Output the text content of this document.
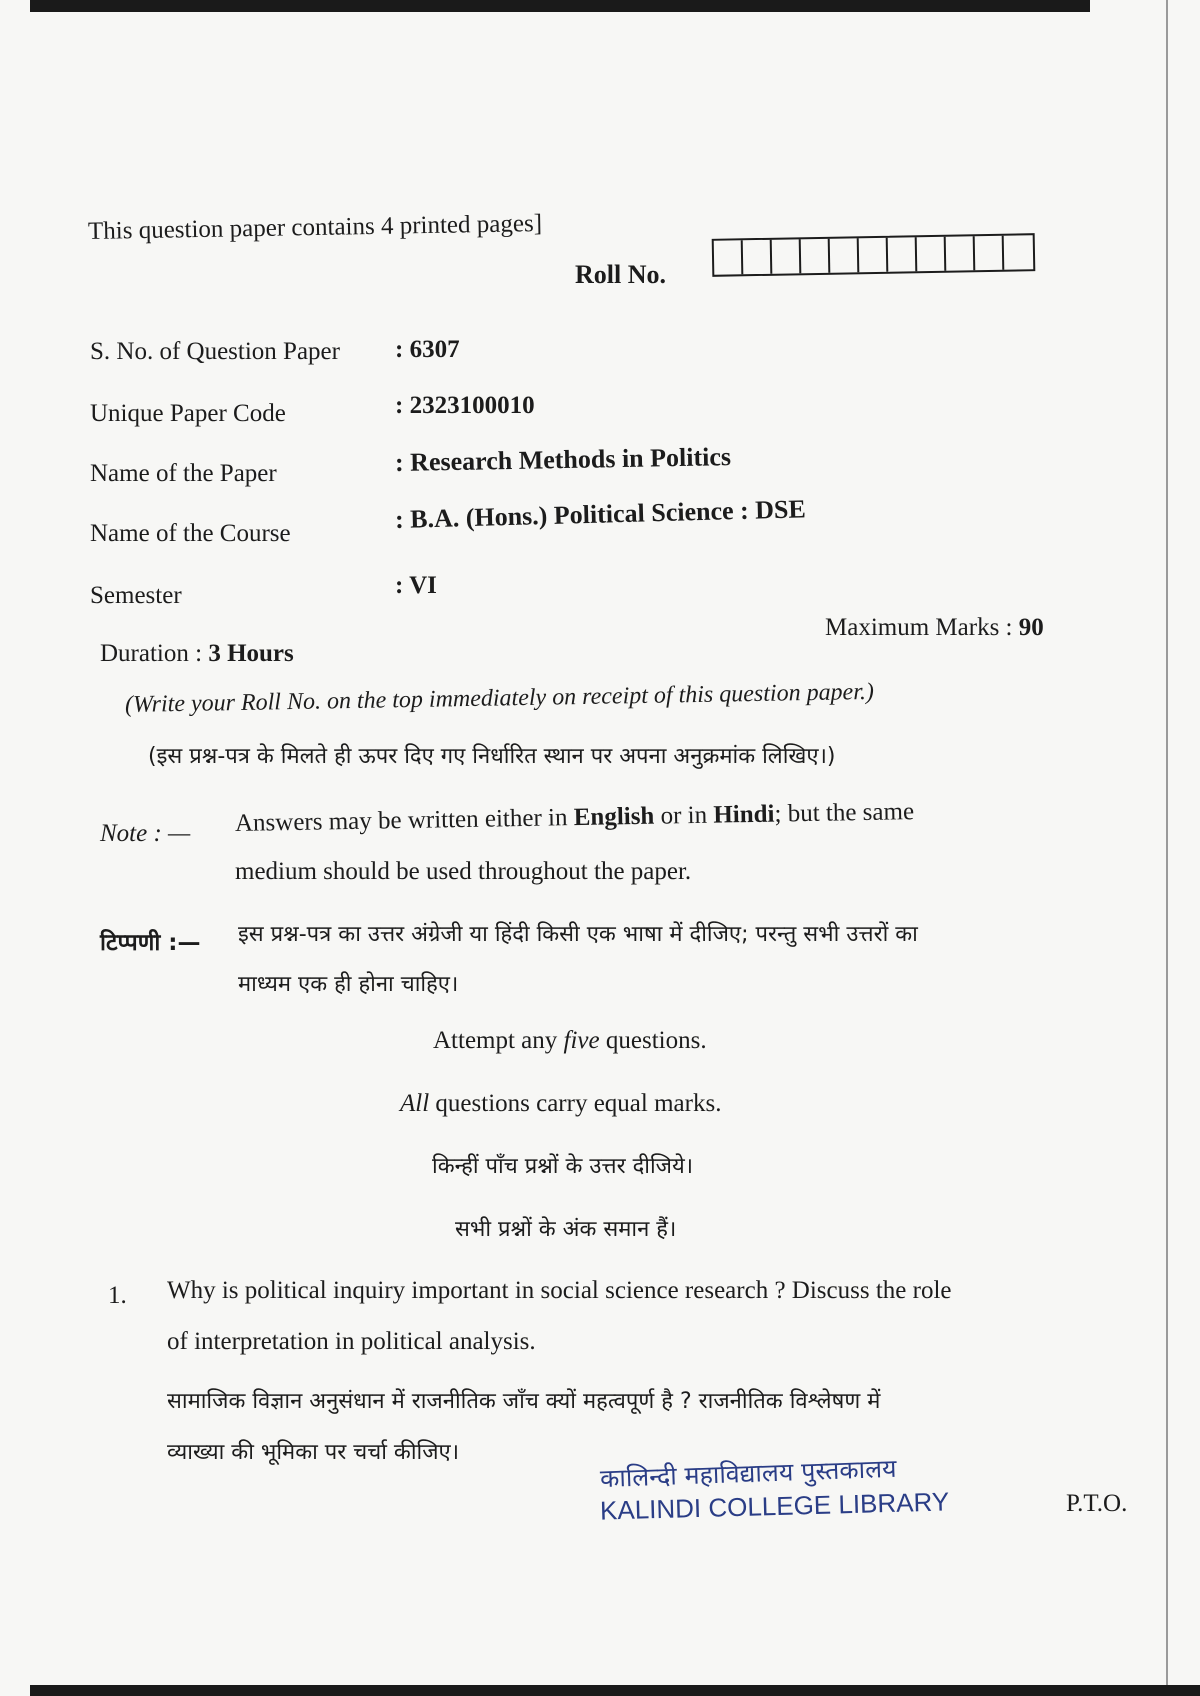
This question paper contains 4 printed pages]
Roll No.
S. No. of Question Paper : 6307
Unique Paper Code	: 2323100010
Name of the Paper	: Research Methods in Politics
Name of the Course	: B.A. (Hons.) Political Science : DSE
Semester	: VI
Maximum Marks : 90
Duration : 3 Hours
(Write your Roll No. on the top immediately on receipt of this question paper.)
(इस प्रश्न-पत्र के मिलते ही ऊपर दिए गए निर्धारित स्थान पर अपना अनुक्रमांक लिखिए।)
Note : — Answers may be written either in English or in Hindi; but the same
medium should be used throughout the paper.
टिप्पणी :— इस प्रश्न-पत्र का उत्तर अंग्रेजी या हिंदी किसी एक भाषा में दीजिए; परन्तु सभी उत्तरों का
माध्यम एक ही होना चाहिए।
Attempt any five questions.
All questions carry equal marks.
किन्हीं पाँच प्रश्नों के उत्तर दीजिये।
सभी प्रश्नों के अंक समान हैं।
1. Why is political inquiry important in social science research ? Discuss the role
of interpretation in political analysis.
सामाजिक विज्ञान अनुसंधान में राजनीतिक जाँच क्यों महत्वपूर्ण है ? राजनीतिक विश्लेषण में
व्याख्या की भूमिका पर चर्चा कीजिए।
कालिन्दी महाविद्यालय पुस्तकालय
KALINDI COLLEGE LIBRARY	P.T.O.
